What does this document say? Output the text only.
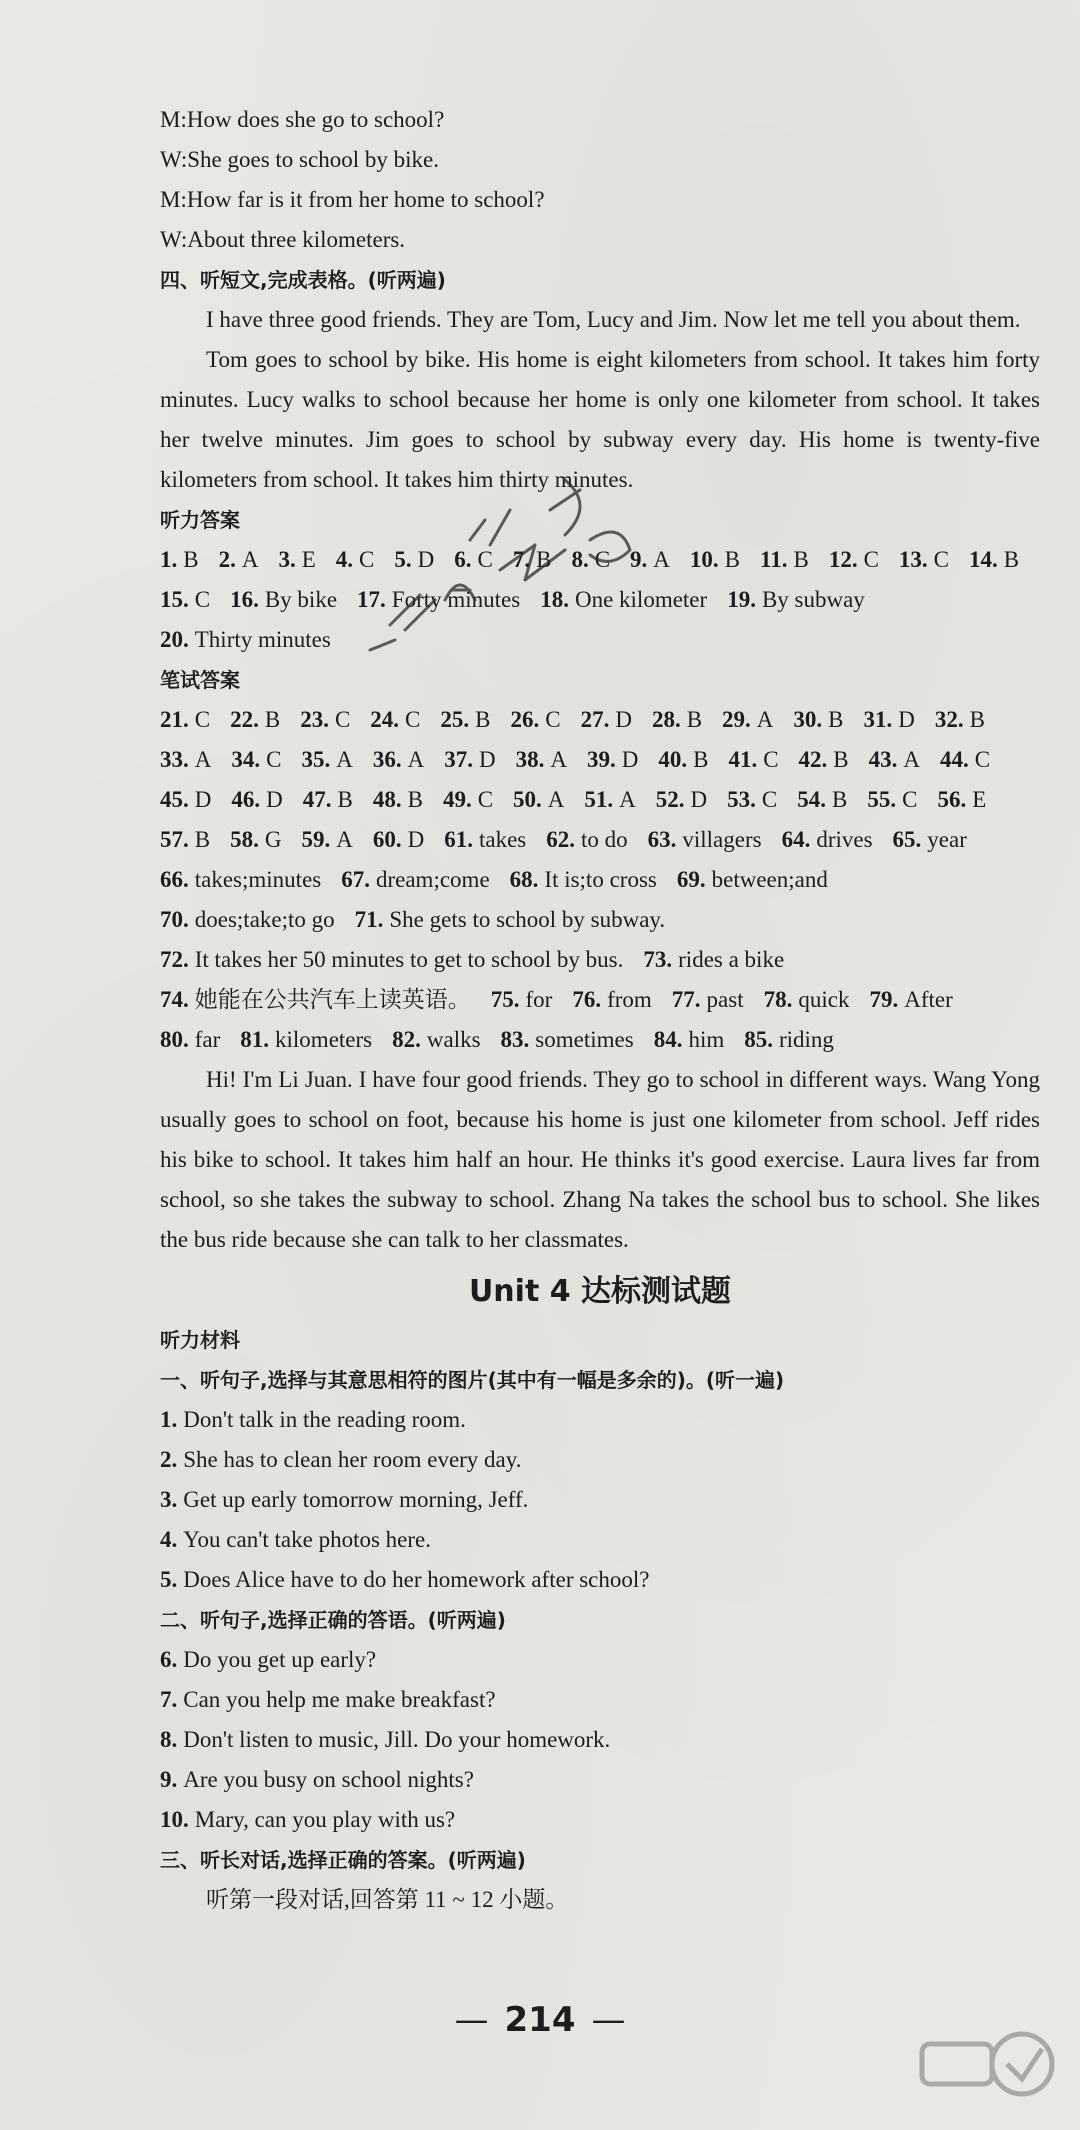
M:How does she go to school?
W:She goes to school by bike.
M:How far is it from her home to school?
W:About three kilometers.
四、听短文,完成表格。(听两遍)
I have three good friends. They are Tom, Lucy and Jim. Now let me tell you about them.
Tom goes to school by bike. His home is eight kilometers from school. It takes him forty minutes. Lucy walks to school because her home is only one kilometer from school. It takes her twelve minutes. Jim goes to school by subway every day. His home is twenty-five kilometers from school. It takes him thirty minutes.
听力答案
1. B 2. A 3. E 4. C 5. D 6. C 7. B 8. C 9. A 10. B 11. B 12. C 13. C 14. B15. C 16. By bike 17. Forty minutes 18. One kilometer 19. By subway20. Thirty minutes
笔试答案
21. C 22. B 23. C 24. C 25. B 26. C 27. D 28. B 29. A 30. B 31. D 32. B33. A 34. C 35. A 36. A 37. D 38. A 39. D 40. B 41. C 42. B 43. A 44. C45. D 46. D 47. B 48. B 49. C 50. A 51. A 52. D 53. C 54. B 55. C 56. E57. B 58. G 59. A 60. D 61. takes 62. to do 63. villagers 64. drives 65. year66. takes;minutes 67. dream;come 68. It is;to cross 69. between;and70. does;take;to go 71. She gets to school by subway.72. It takes her 50 minutes to get to school by bus. 73. rides a bike74. 她能在公共汽车上读英语。 75. for 76. from 77. past 78. quick 79. After80. far 81. kilometers 82. walks 83. sometimes 84. him 85. riding
Hi! I'm Li Juan. I have four good friends. They go to school in different ways. Wang Yong usually goes to school on foot, because his home is just one kilometer from school. Jeff rides his bike to school. It takes him half an hour. He thinks it's good exercise. Laura lives far from school, so she takes the subway to school. Zhang Na takes the school bus to school. She likes the bus ride because she can talk to her classmates.
Unit 4 达标测试题
听力材料
一、听句子,选择与其意思相符的图片(其中有一幅是多余的)。(听一遍)
1. Don't talk in the reading room.
2. She has to clean her room every day.
3. Get up early tomorrow morning, Jeff.
4. You can't take photos here.
5. Does Alice have to do her homework after school?
二、听句子,选择正确的答语。(听两遍)
6. Do you get up early?
7. Can you help me make breakfast?
8. Don't listen to music, Jill. Do your homework.
9. Are you busy on school nights?
10. Mary, can you play with us?
三、听长对话,选择正确的答案。(听两遍)
听第一段对话,回答第 11 ~ 12 小题。
— 214 —
